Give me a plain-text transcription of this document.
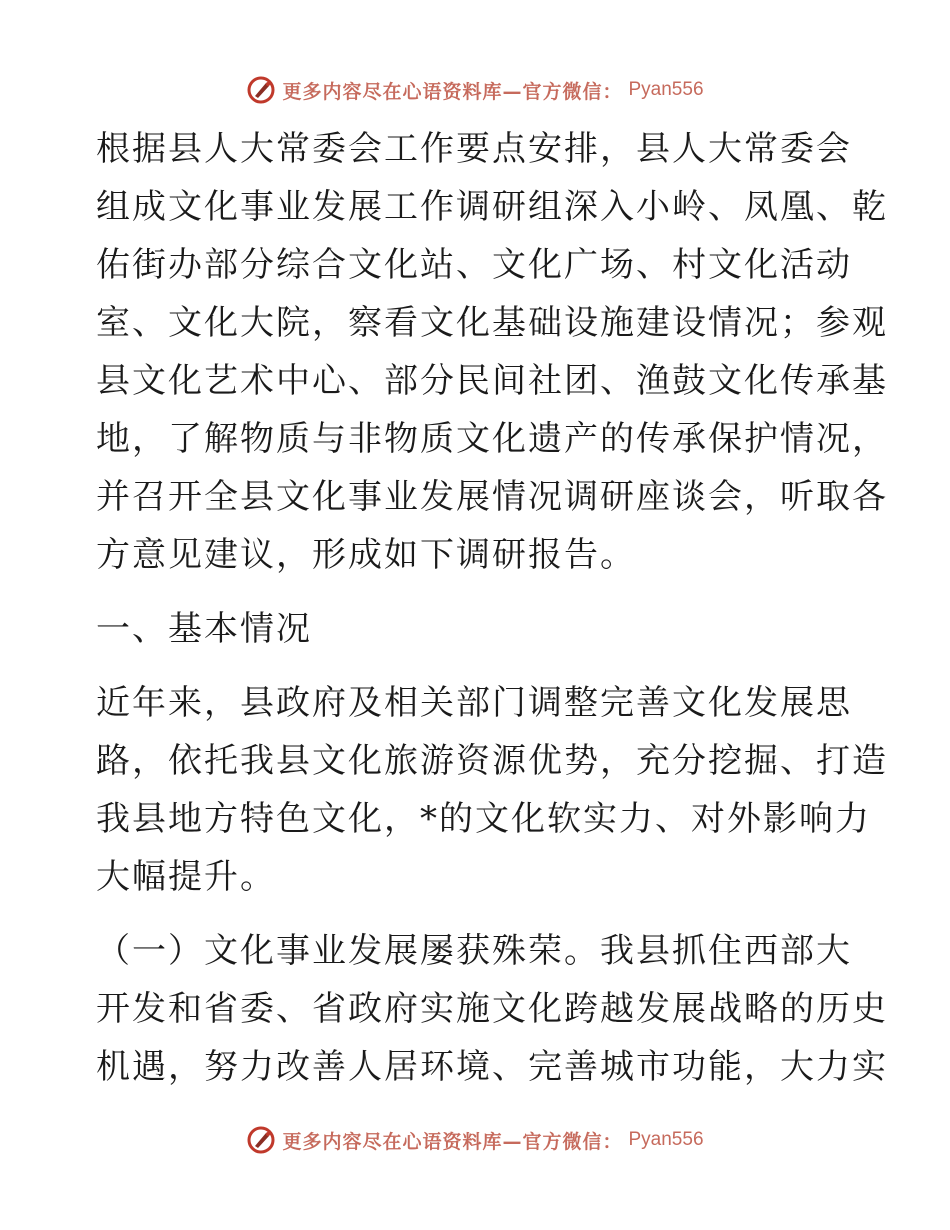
更多内容尽在心语资料库—官方微信： Pyan556

根据县人大常委会工作要点安排，县人大常委会
组成文化事业发展工作调研组深入小岭、凤凰、乾
佑街办部分综合文化站、文化广场、村文化活动
室、文化大院，察看文化基础设施建设情况；参观
县文化艺术中心、部分民间社团、渔鼓文化传承基
地，了解物质与非物质文化遗产的传承保护情况，
并召开全县文化事业发展情况调研座谈会，听取各
方意见建议，形成如下调研报告。

一、基本情况

近年来，县政府及相关部门调整完善文化发展思
路，依托我县文化旅游资源优势，充分挖掘、打造
我县地方特色文化，*的文化软实力、对外影响力
大幅提升。

（一）文化事业发展屡获殊荣。我县抓住西部大
开发和省委、省政府实施文化跨越发展战略的历史
机遇，努力改善人居环境、完善城市功能，大力实

更多内容尽在心语资料库—官方微信： Pyan556
